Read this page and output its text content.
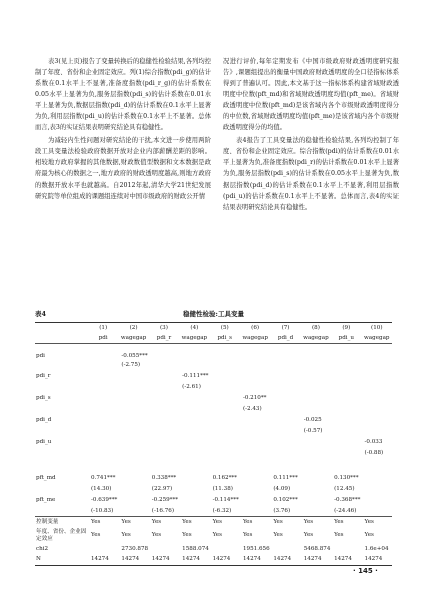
表3(见上页)报告了变量转换后的稳健性检验结果,各列均控制了年度、省份和企业固定效应。列(1)综合指数(pdi_g)的估计系数在0.1水平上不显著,准备度指数(pdi_r_g)的估计系数在0.05水平上显著为负,服务层指数(pdi_s)的估计系数在0.01水平上显著为负,数据层指数(pdi_d)的估计系数在0.1水平上显著为负,利用层指数(pdi_u)的估计系数在0.1水平上不显著。总体而言,表3的实证结果表明研究结论具有稳健性。

为减轻内生性问题对研究结论的干扰,本文进一步使用两阶段工具变量法检验政府数据开放对企业内部薪酬差距的影响。相较地方政府掌握的其他数据,财政数值型数据和文本数据是政府最为核心的数据之一,地方政府的财政透明度越高,则地方政府的数据开放水平也就越高。自2012年起,清华大学21世纪发展研究院等单位组成的课题组连续对中国市级政府的财政公开情

况进行评价,每年定期发布《中国市级政府财政透明度研究报告》,课题组提出的衡量中国政府财政透明度的全口径指标体系得到了普遍认可。因此,本文基于这一指标体系构建省域财政透明度中位数(pft_md)和省域财政透明度均值(pft_me)。省域财政透明度中位数(pft_md)是该省域内各个市级财政透明度得分的中位数,省域财政透明度均值(pft_me)是该省域内各个市级财政透明度得分的均值。

表4报告了工具变量法的稳健性检验结果,各列均控制了年度、省份和企业固定效应。综合指数(pdi)的估计系数在0.01水平上显著为负,准备度指数(pdi_r)的估计系数在0.01水平上显著为负,服务层指数(pdi_s)的估计系数在0.05水平上显著为负,数据层指数(pdi_d)的估计系数在0.1水平上不显著,利用层指数(pdi_u)的估计系数在0.1水平上不显著。总体而言,表4的实证结果表明研究结论具有稳健性。

表4	稳健性检验:工具变量
	(1)	(2)	(3)	(4)	(5)	(6)	(7)	(8)	(9)	(10)
	pdi	wagegap	pdi_r	wagegap	pdi_s	wagegap	pdi_d	wagegap	pdi_u	wagegap

pdi		-0.055***								
		(-2.75)								
pdi_r				-0.111***						
				(-2.61)						
pdi_s						-0.210**				
						(-2.43)				
pdi_d								-0.025		
								(-0.57)		
pdi_u										-0.033
										(-0.88)

pft_md	0.741***		0.338***		0.162***		0.111***		0.130***	
	(14.30)		(22.97)		(11.38)		(4.09)		(12.45)	
pft_me	-0.639***		-0.259***		-0.114***		0.102***		-0.368***	
	(-10.83)		(-16.76)		(-6.32)		(3.76)		(-24.46)	
控制变量	Yes	Yes	Yes	Yes	Yes	Yes	Yes	Yes	Yes	Yes
年度、省份、企业固定效应	Yes	Yes	Yes	Yes	Yes	Yes	Yes	Yes	Yes	Yes
chi2		2730.878		1588.074		1951.656		5468.874		1.6e+04
N	14274	14274	14274	14274	14274	14274	14274	14274	14274	14274
· 145 ·
